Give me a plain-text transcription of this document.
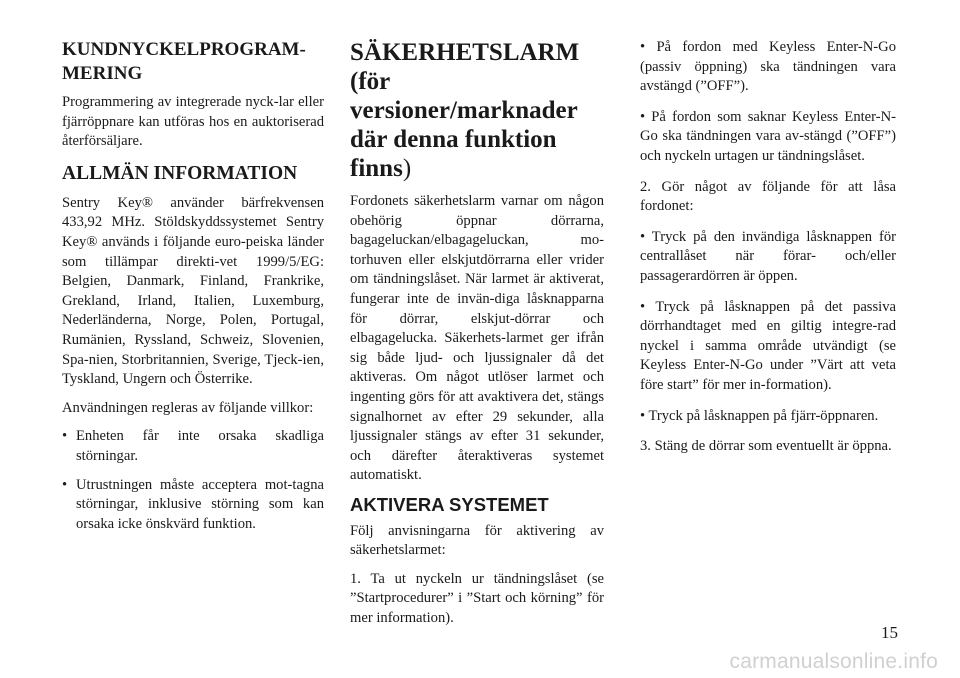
KUNDNYCKELPROGRAM-MERING

Programmering av integrerade nyck-lar eller fjärröppnare kan utföras hos en auktoriserad återförsäljare.

ALLMÄN INFORMATION

Sentry Key® använder bärfrekvensen 433,92 MHz. Stöldskyddssystemet Sentry Key® används i följande euro-peiska länder som tillämpar direkti-vet 1999/5/EG: Belgien, Danmark, Finland, Frankrike, Grekland, Irland, Italien, Luxemburg, Nederländerna, Norge, Polen, Portugal, Rumänien, Ryssland, Schweiz, Slovenien, Spa-nien, Storbritannien, Sverige, Tjeck-ien, Tyskland, Ungern och Österrike.

Användningen regleras av följande villkor:

• Enheten får inte orsaka skadliga störningar.
• Utrustningen måste acceptera mot-tagna störningar, inklusive störning som kan orsaka icke önskvärd funktion.
SÄKERHETSLARM (för versioner/marknader där denna funktion finns)

Fordonets säkerhetslarm varnar om någon obehörig öppnar dörrarna, bagageluckan/elbagageluckan, mo-torhuven eller elskjutdörrarna eller vrider om tändningslåset. När larmet är aktiverat, fungerar inte de invän-diga låsknapparna för dörrar, elskjut-dörrar och elbagagelucka. Säkerhets-larmet ger ifrån sig både ljud- och ljussignaler då det aktiveras. Om något utlöser larmet och ingenting görs för att avaktivera det, stängs signalhornet av efter 29 sekunder, alla ljussignaler stängs av efter 31 sekunder, och därefter återaktiveras systemet automatiskt.

AKTIVERA SYSTEMET

Följ anvisningarna för aktivering av säkerhetslarmet:

1. Ta ut nyckeln ur tändningslåset (se ”Startprocedurer” i ”Start och körning” för mer information).

• På fordon med Keyless Enter-N-Go (passiv öppning) ska tändningen vara avstängd (”OFF”).

• På fordon som saknar Keyless Enter-N-Go ska tändningen vara av-stängd (”OFF”) och nyckeln urtagen ur tändningslåset.

2. Gör något av följande för att låsa fordonet:

• Tryck på den invändiga låsknappen för centrallåset när förar- och/eller passagerardörren är öppen.

• Tryck på låsknappen på det passiva dörrhandtaget med en giltig integre-rad nyckel i samma område utvändigt (se Keyless Enter-N-Go under ”Värt att veta före start” för mer in-formation).

• Tryck på låsknappen på fjärr-öppnaren.

3. Stäng de dörrar som eventuellt är öppna.

15
carmanualsonline.info
